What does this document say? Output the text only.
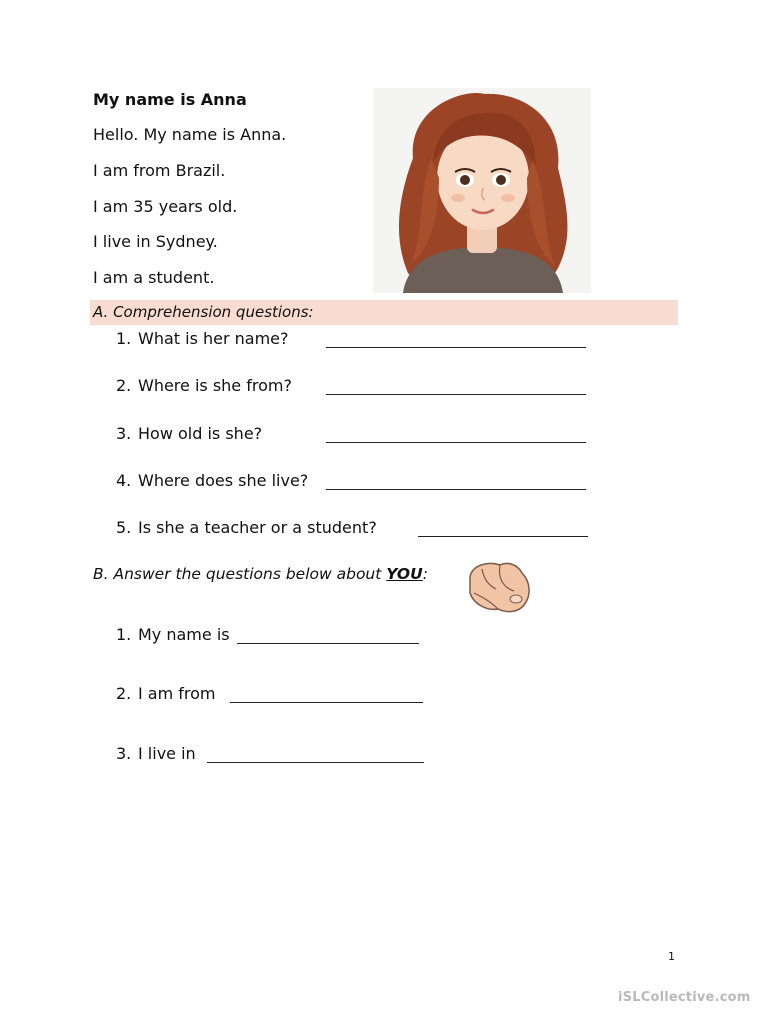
My name is Anna
Hello. My name is Anna.
I am from Brazil.
I am 35 years old.
I live in Sydney.
I am a student.
A. Comprehension questions:
1. What is her name?
2. Where is she from?
3. How old is she?
4. Where does she live?
5. Is she a teacher or a student?
B. Answer the questions below about YOU:
1. My name is
2. I am from
3. I live in
1
iSLCollective.com
